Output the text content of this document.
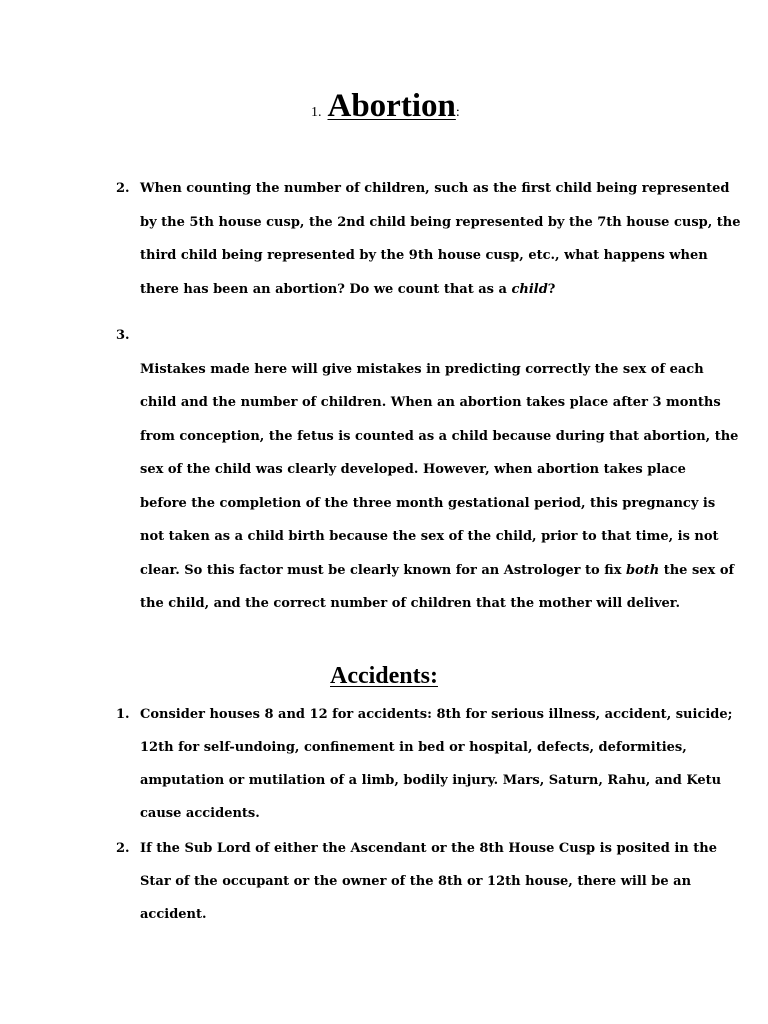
1. Abortion:
2. When counting the number of children, such as the first child being represented
by the 5th house cusp, the 2nd child being represented by the 7th house cusp, the
third child being represented by the 9th house cusp, etc., what happens when
there has been an abortion? Do we count that as a child?
3.
Mistakes made here will give mistakes in predicting correctly the sex of each
child and the number of children. When an abortion takes place after 3 months
from conception, the fetus is counted as a child because during that abortion, the
sex of the child was clearly developed. However, when abortion takes place
before the completion of the three month gestational period, this pregnancy is
not taken as a child birth because the sex of the child, prior to that time, is not
clear. So this factor must be clearly known for an Astrologer to fix both the sex of
the child, and the correct number of children that the mother will deliver.
Accidents:
1. Consider houses 8 and 12 for accidents: 8th for serious illness, accident, suicide;
12th for self-undoing, confinement in bed or hospital, defects, deformities,
amputation or mutilation of a limb, bodily injury. Mars, Saturn, Rahu, and Ketu
cause accidents.
2. If the Sub Lord of either the Ascendant or the 8th House Cusp is posited in the
Star of the occupant or the owner of the 8th or 12th house, there will be an
accident.
